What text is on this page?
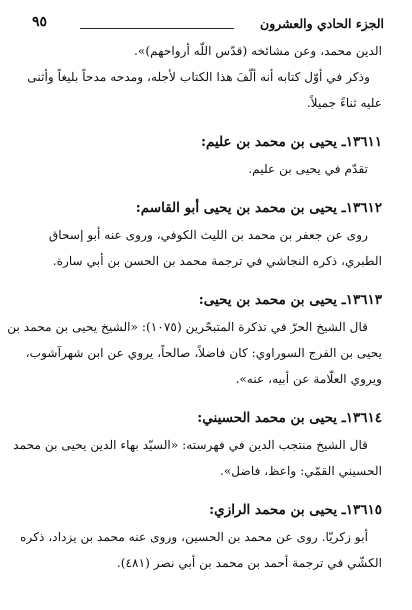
الجزء الحادي والعشرون
٩٥
الدين محمد، وعن مشائخه (قدّس اللّه أرواحهم)».
وذكر في أوّل كتابه أنه ألّفَ هذا الكتاب لأجله، ومدحه مدحاً بليغاً وأثنى
عليه ثناءً جميلاً.
١٣٦١١ـ يحيى بن محمد بن عليم:
تقدّم في يحيى بن عليم.
١٣٦١٢ـ يحيى بن محمد بن يحيى أبو القاسم:
روى عن جعفر بن محمد بن الليث الكوفي، وروى عنه أبو إسحاق
الطبري، ذكره النجاشي في ترجمة محمد بن الحسن بن أبي سارة.
١٣٦١٣ـ يحيى بن محمد بن يحيى:
قال الشيخ الحرّ في تذكرة المتبحّرين (١٠٧٥): «الشيخ يحيى بن محمد بن
يحيى بن الفرج السوراوي: كان فاضلاً، صالحاً، يروي عن ابن شهرآشوب،
ويروي العلّامة عن أبيه، عنه».
١٣٦١٤ـ يحيى بن محمد الحسيني:
قال الشيخ منتجب الدين في فهرسته: «السيّد بهاء الدين يحيى بن محمد
الحسيني القمّي: واعظ، فاضل».
١٣٦١٥ـ يحيى بن محمد الرازي:
أبو زكريّا. روى عن محمد بن الحسين، وروى عنه محمد بن يزداد، ذكره
الكشّي في ترجمة أحمد بن محمد بن أبي نصر (٤٨١).
